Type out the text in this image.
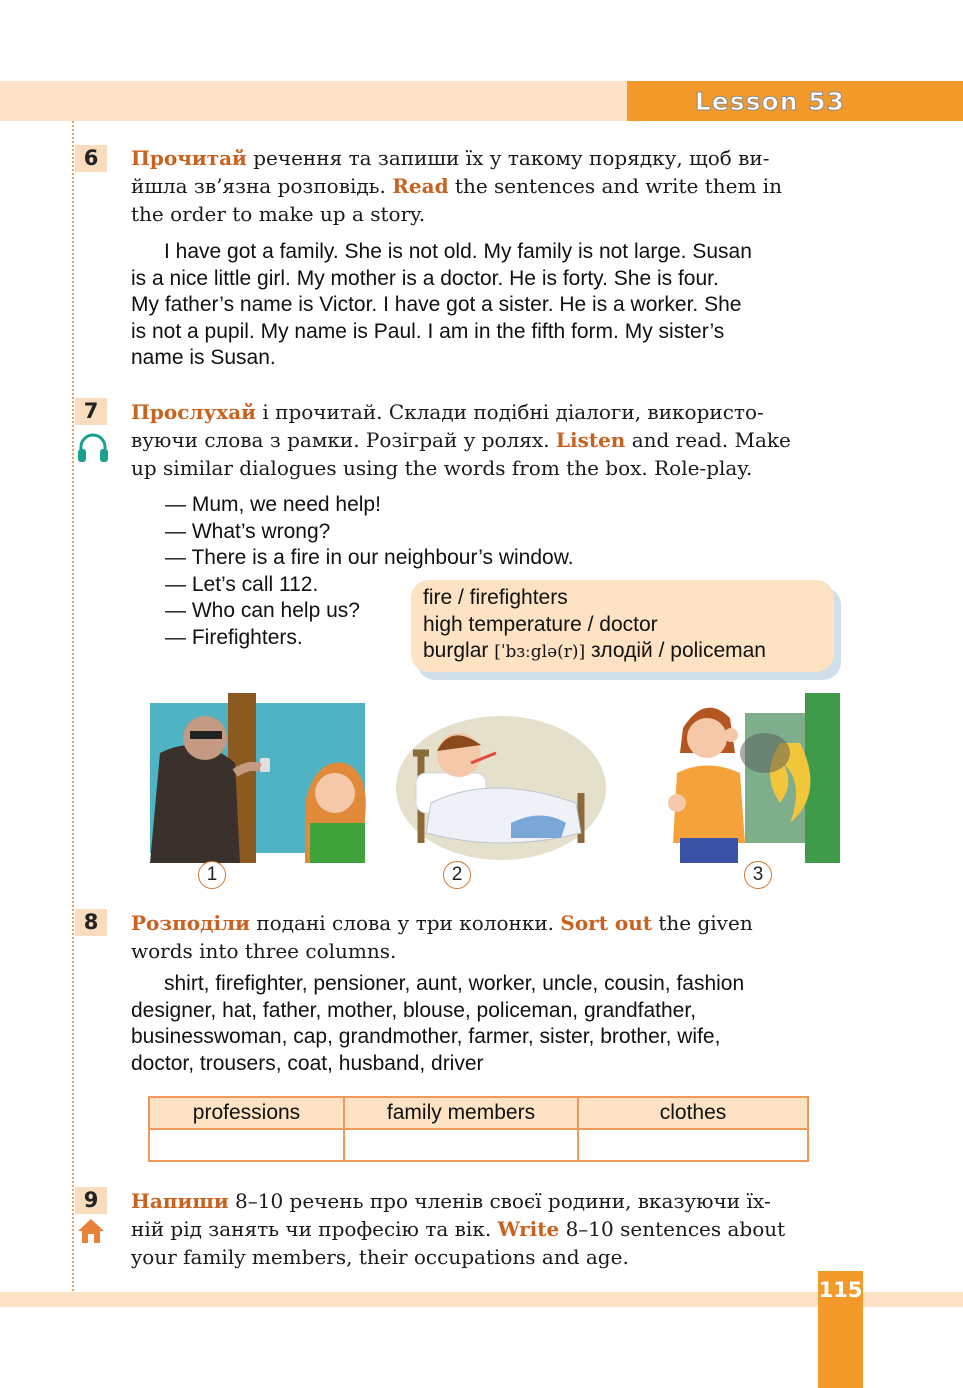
Lesson 53
6	Прочитай речення та запиши їх у такому порядку, щоб ви-
йшла зв’язна розповідь. Read the sentences and write them in
the order to make up a story.

I have got a family. She is not old. My family is not large. Susan
is a nice little girl. My mother is a doctor. He is forty. She is four.
My father’s name is Victor. I have got a sister. He is a worker. She
is not a pupil. My name is Paul. I am in the fifth form. My sister’s
name is Susan.

7	Прослухай і прочитай. Склади подібні діалоги, використо-
вуючи слова з рамки. Розіграй у ролях. Listen and read. Make
up similar dialogues using the words from the box. Role-play.

— Mum, we need help!
— What’s wrong?
— There is a fire in our neighbour’s window.
— Let’s call 112.
— Who can help us?
— Firefighters.
fire / firefighters
high temperature / doctor
burglar [ˈbɜːglə(r)] злодій / policeman
1	2	3
8	Розподіли подані слова у три колонки. Sort out the given
words into three columns.

shirt, firefighter, pensioner, aunt, worker, uncle, cousin, fashion
designer, hat, father, mother, blouse, policeman, grandfather,
businesswoman, cap, grandmother, farmer, sister, brother, wife,
doctor, trousers, coat, husband, driver

professions	family members	clothes

9	Напиши 8–10 речень про членів своєї родини, вказуючи їх-
ній рід занять чи професію та вік. Write 8–10 sentences about
your family members, their occupations and age.

115
